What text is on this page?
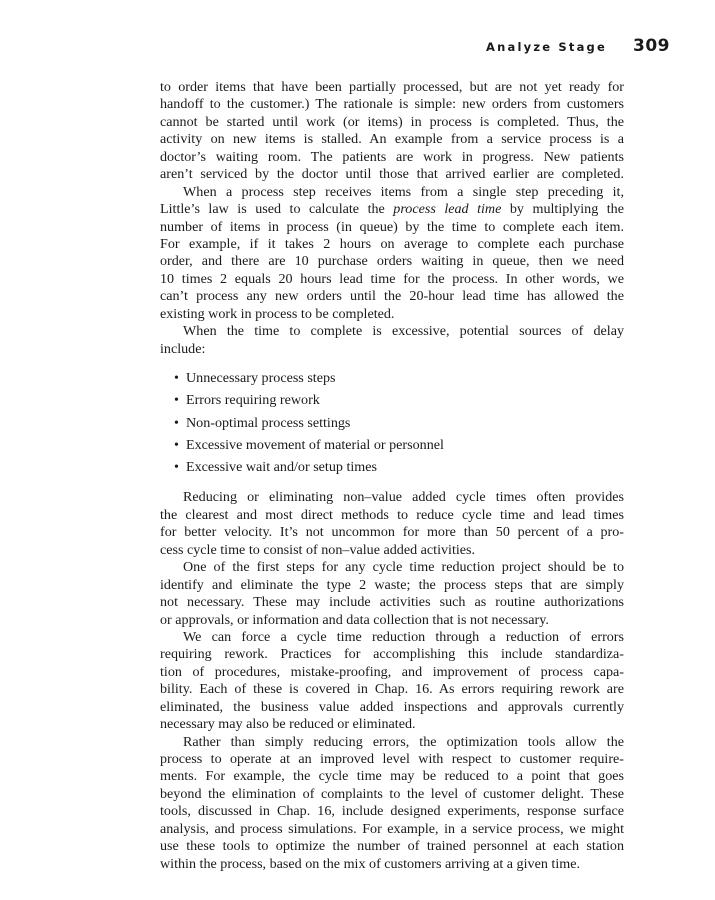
Analyze Stage 309
to order items that have been partially processed, but are not yet ready for
handoff to the customer.) The rationale is simple: new orders from customers
cannot be started until work (or items) in process is completed. Thus, the
activity on new items is stalled. An example from a service process is a
doctor’s waiting room. The patients are work in progress. New patients
aren’t serviced by the doctor until those that arrived earlier are completed.
When a process step receives items from a single step preceding it,
Little’s law is used to calculate the process lead time by multiplying the
number of items in process (in queue) by the time to complete each item.
For example, if it takes 2 hours on average to complete each purchase
order, and there are 10 purchase orders waiting in queue, then we need
10 times 2 equals 20 hours lead time for the process. In other words, we
can’t process any new orders until the 20-hour lead time has allowed the
existing work in process to be completed.
When the time to complete is excessive, potential sources of delay
include:
• Unnecessary process steps
• Errors requiring rework
• Non-optimal process settings
• Excessive movement of material or personnel
• Excessive wait and/or setup times
Reducing or eliminating non–value added cycle times often provides
the clearest and most direct methods to reduce cycle time and lead times
for better velocity. It’s not uncommon for more than 50 percent of a pro-
cess cycle time to consist of non–value added activities.
One of the first steps for any cycle time reduction project should be to
identify and eliminate the type 2 waste; the process steps that are simply
not necessary. These may include activities such as routine authorizations
or approvals, or information and data collection that is not necessary.
We can force a cycle time reduction through a reduction of errors
requiring rework. Practices for accomplishing this include standardiza-
tion of procedures, mistake-proofing, and improvement of process capa-
bility. Each of these is covered in Chap. 16. As errors requiring rework are
eliminated, the business value added inspections and approvals currently
necessary may also be reduced or eliminated.
Rather than simply reducing errors, the optimization tools allow the
process to operate at an improved level with respect to customer require-
ments. For example, the cycle time may be reduced to a point that goes
beyond the elimination of complaints to the level of customer delight. These
tools, discussed in Chap. 16, include designed experiments, response surface
analysis, and process simulations. For example, in a service process, we might
use these tools to optimize the number of trained personnel at each station
within the process, based on the mix of customers arriving at a given time.
